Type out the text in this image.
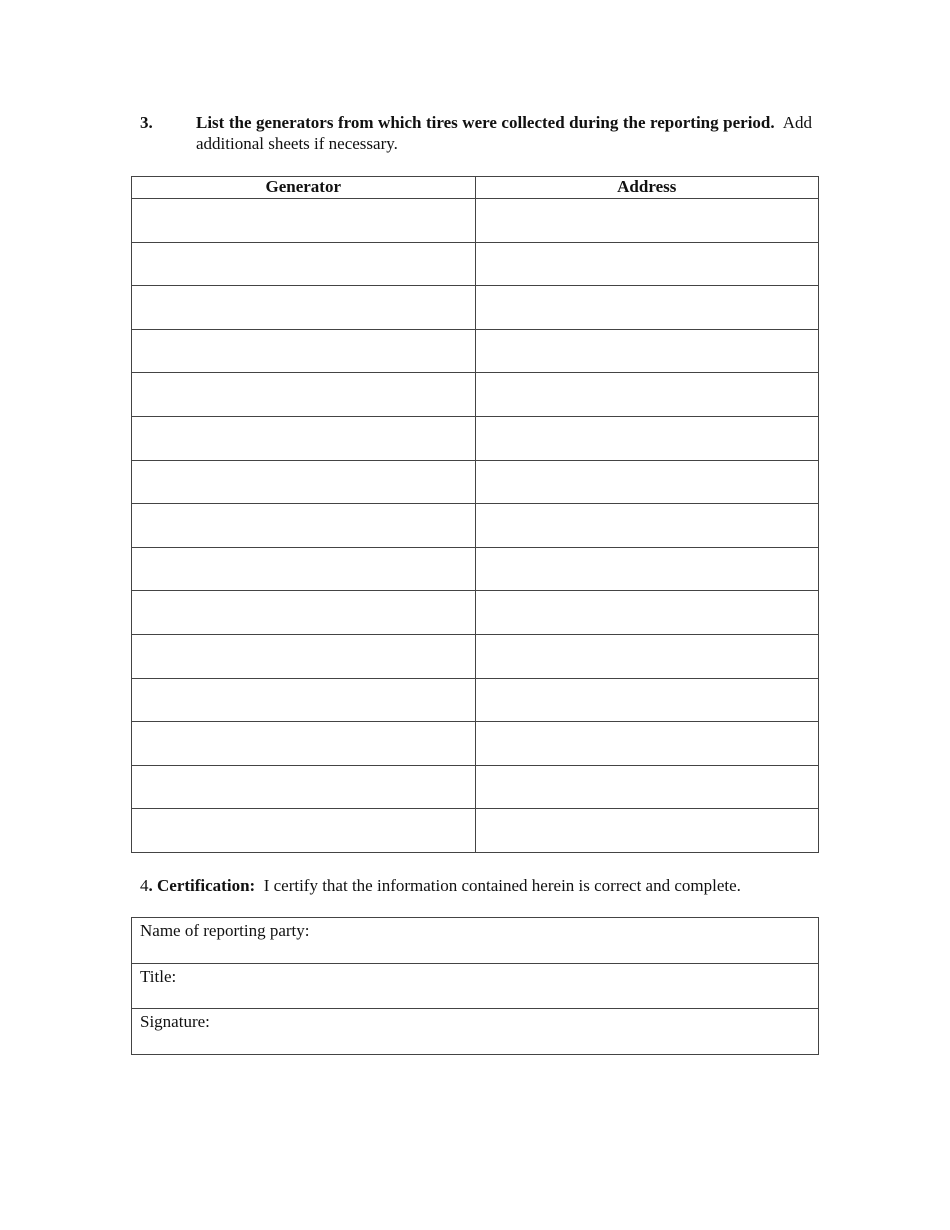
3.	List the generators from which tires were collected during the reporting period. Add additional sheets if necessary.
Generator	Address

4. Certification: I certify that the information contained herein is correct and complete.
Name of reporting party:
Title:
Signature:
